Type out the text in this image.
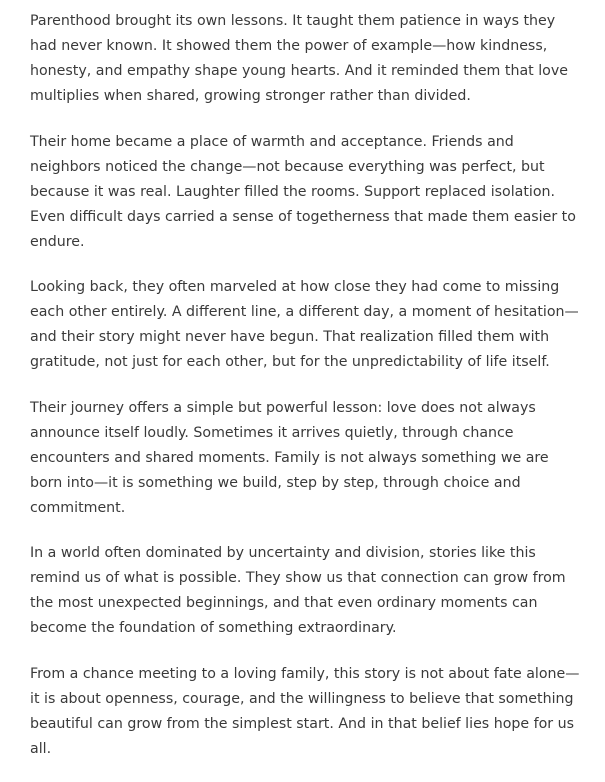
Parenthood brought its own lessons. It taught them patience in ways they had never known. It showed them the power of example—how kindness, honesty, and empathy shape young hearts. And it reminded them that love multiplies when shared, growing stronger rather than divided.

Their home became a place of warmth and acceptance. Friends and neighbors noticed the change—not because everything was perfect, but because it was real. Laughter filled the rooms. Support replaced isolation. Even difficult days carried a sense of togetherness that made them easier to endure.

Looking back, they often marveled at how close they had come to missing each other entirely. A different line, a different day, a moment of hesitation—and their story might never have begun. That realization filled them with gratitude, not just for each other, but for the unpredictability of life itself.

Their journey offers a simple but powerful lesson: love does not always announce itself loudly. Sometimes it arrives quietly, through chance encounters and shared moments. Family is not always something we are born into—it is something we build, step by step, through choice and commitment.

In a world often dominated by uncertainty and division, stories like this remind us of what is possible. They show us that connection can grow from the most unexpected beginnings, and that even ordinary moments can become the foundation of something extraordinary.

From a chance meeting to a loving family, this story is not about fate alone—it is about openness, courage, and the willingness to believe that something beautiful can grow from the simplest start. And in that belief lies hope for us all.
